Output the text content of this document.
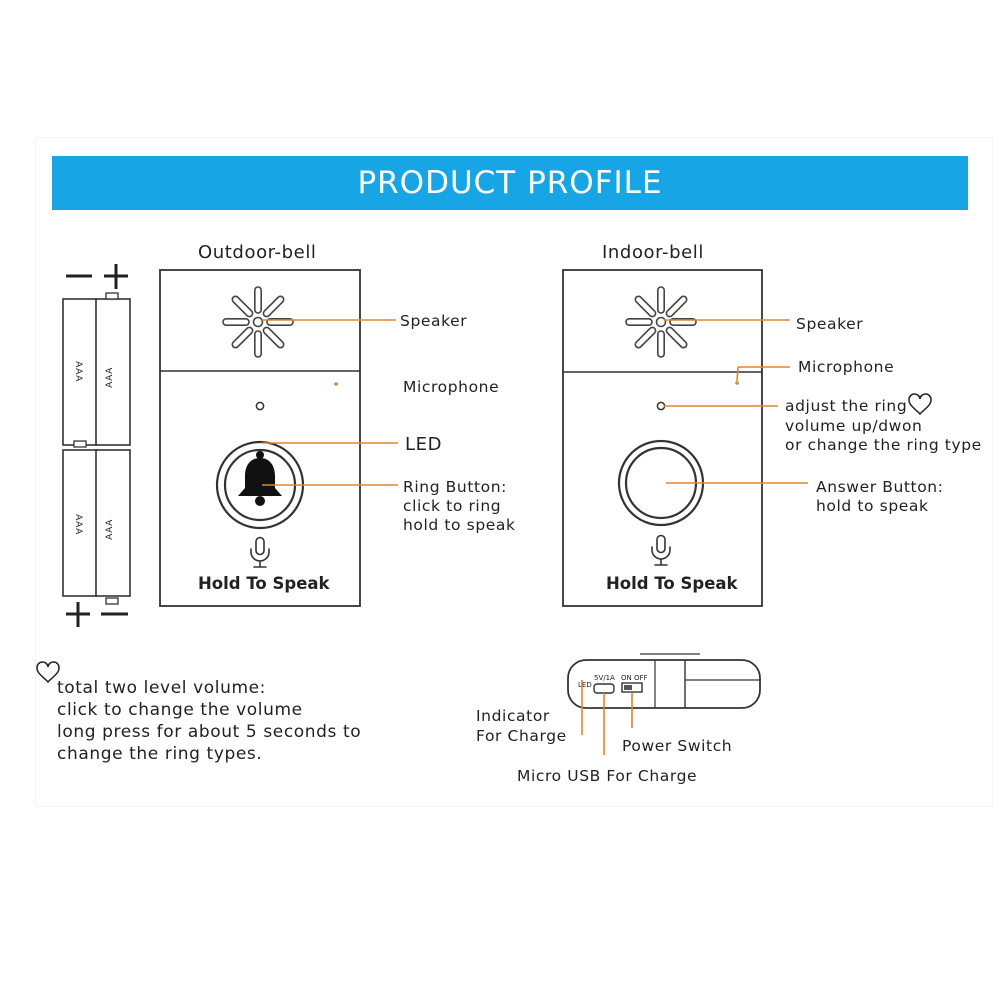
PRODUCT PROFILE
LED
5V/1A ON OFF
AAA	AAA
AAA	AAA
Outdoor-bell	Indoor-bell
Speaker
Microphone
LED
Ring Button:
click to ring
hold to speak
Hold To Speak
Speaker
Microphone
adjust the ring
volume up/dwon
or change the ring type
Answer Button:
hold to speak
Hold To Speak
total two level volume:
click to change the volume
long press for about 5 seconds to
change the ring types.
Indicator
For Charge
Power Switch
Micro USB For Charge
